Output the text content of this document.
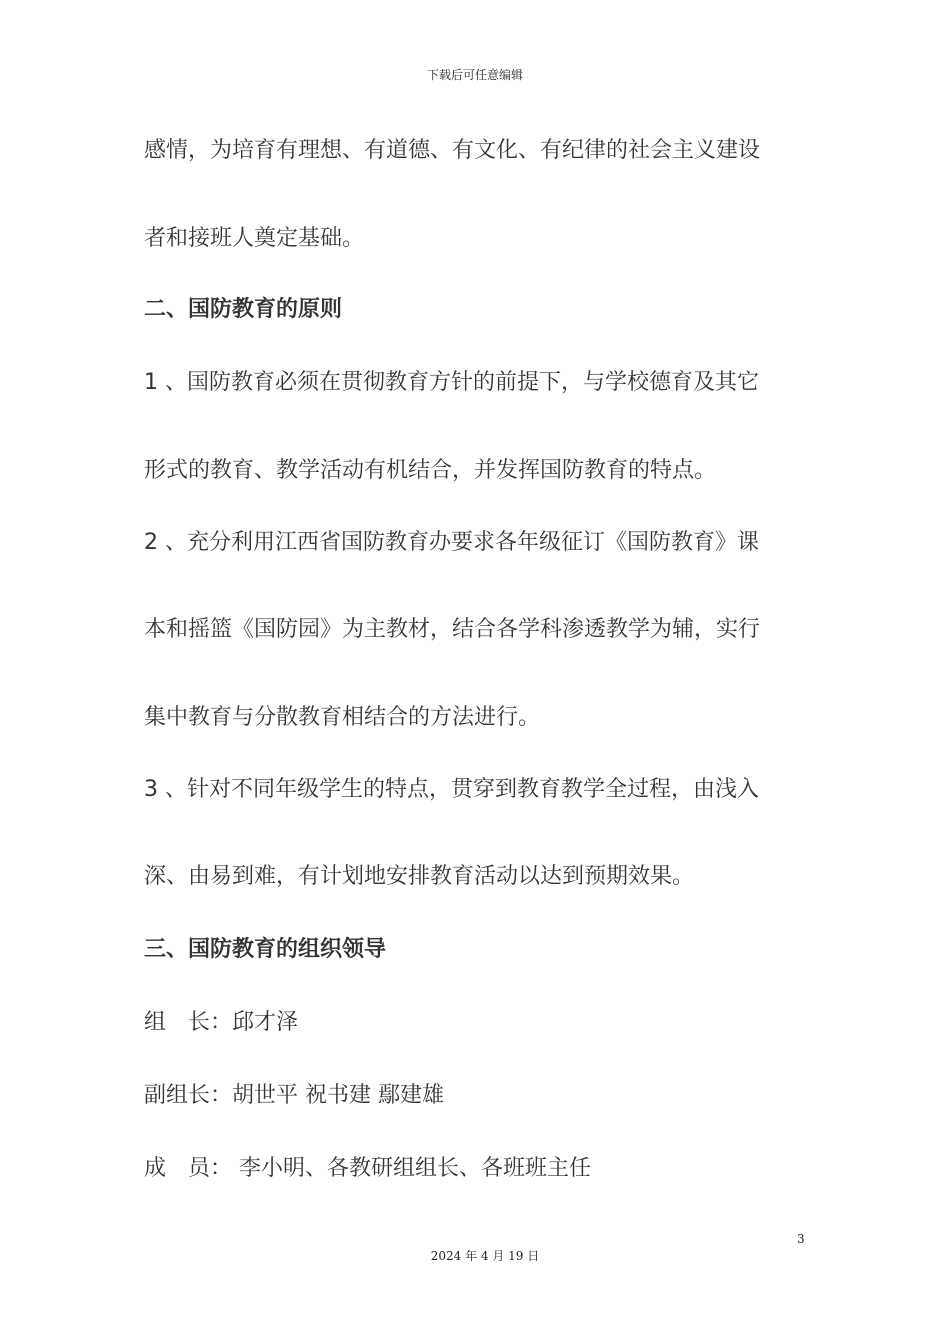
下载后可任意编辑
感情，为培育有理想、有道德、有文化、有纪律的社会主义建设
者和接班人奠定基础。
二、国防教育的原则
1 、国防教育必须在贯彻教育方针的前提下，与学校德育及其它
形式的教育、教学活动有机结合，并发挥国防教育的特点。
2 、充分利用江西省国防教育办要求各年级征订《国防教育》课
本和摇篮《国防园》为主教材，结合各学科渗透教学为辅，实行
集中教育与分散教育相结合的方法进行。
3 、针对不同年级学生的特点，贯穿到教育教学全过程，由浅入
深、由易到难，有计划地安排教育活动以达到预期效果。
三、国防教育的组织领导
组　长：邱才泽
副组长：胡世平 祝书建 鄢建雄
成　员： 李小明、各教研组组长、各班班主任
3
2024 年 4 月 19 日
